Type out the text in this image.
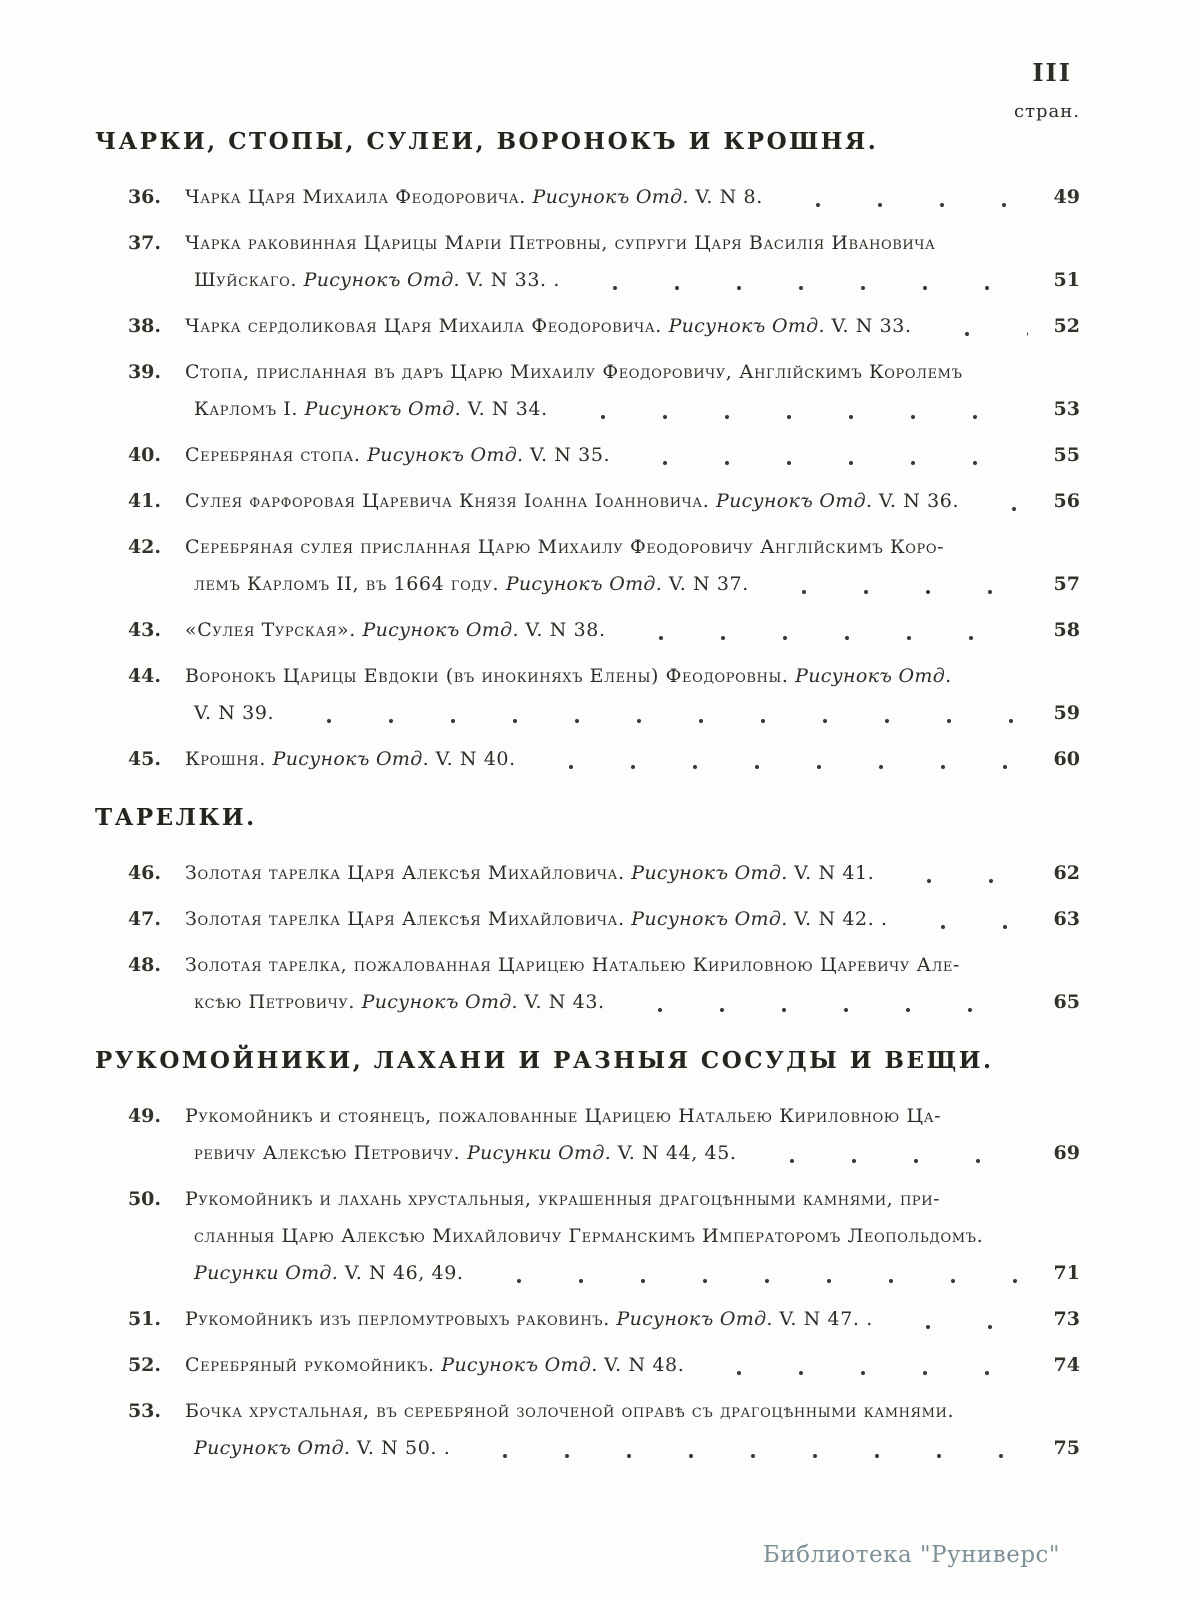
III
стран.
ЧАРКИ, СТОПЫ, СУЛЕИ, ВОРОНОКЪ И КРОШНЯ.
36.	Чарка Царя Михаила Феодоровича. Рисунокъ Отд. V. N 8.	49
37.	Чарка раковинная Царицы Маріи Петровны, супруги Царя Василія Ивановича
Шуйскаго. Рисунокъ Отд. V. N 33. .	51
38.	Чарка сердоликовая Царя Михаила Феодоровича. Рисунокъ Отд. V. N 33.	52
39.	Стопа, присланная въ даръ Царю Михаилу Феодоровичу, Англійскимъ Королемъ
Карломъ I. Рисунокъ Отд. V. N 34.	53
40.	Серебряная стопа. Рисунокъ Отд. V. N 35.	55
41.	Сулея фарфоровая Царевича Князя Іоанна Іоанновича. Рисунокъ Отд. V. N 36.	56
42.	Серебряная сулея присланная Царю Михаилу Феодоровичу Англійскимъ Коро-
лемъ Карломъ II, въ 1664 году. Рисунокъ Отд. V. N 37.	57
43.	«Сулея Турская». Рисунокъ Отд. V. N 38.	58
44.	Воронокъ Царицы Евдокіи (въ инокиняхъ Елены) Феодоровны. Рисунокъ Отд.
V. N 39.	59
45.	Крошня. Рисунокъ Отд. V. N 40.	60
ТАРЕЛКИ.
46.	Золотая тарелка Царя Алексѣя Михайловича. Рисунокъ Отд. V. N 41.	62
47.	Золотая тарелка Царя Алексѣя Михайловича. Рисунокъ Отд. V. N 42. .	63
48.	Золотая тарелка, пожалованная Царицею Натальею Кириловною Царевичу Але-
ксѣю Петровичу. Рисунокъ Отд. V. N 43.	65
РУКОМОЙНИКИ, ЛАХАНИ И РАЗНЫЯ СОСУДЫ И ВЕЩИ.
49.	Рукомойникъ и стоянецъ, пожалованные Царицею Натальею Кириловною Ца-
ревичу Алексѣю Петровичу. Рисунки Отд. V. N 44, 45.	69
50.	Рукомойникъ и лахань хрустальныя, украшенныя драгоцѣнными камнями, при-
сланныя Царю Алексѣю Михайловичу Германскимъ Императоромъ Леопольдомъ.
Рисунки Отд. V. N 46, 49.	71
51.	Рукомойникъ изъ перломутровыхъ раковинъ. Рисунокъ Отд. V. N 47. .	73
52.	Серебряный рукомойникъ. Рисунокъ Отд. V. N 48.	74
53.	Бочка хрустальная, въ серебряной золоченой оправѣ съ драгоцѣнными камнями.
Рисунокъ Отд. V. N 50. .	75
Библиотека "Руниверс"
